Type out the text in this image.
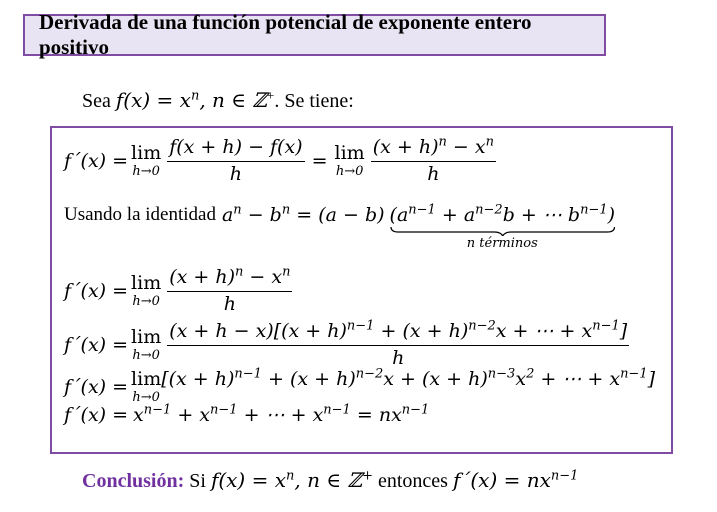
Derivada de una función potencial de exponente entero positivo
Sea $f(x) = x^n$, n ∈ ℤ+. Se tiene:
f´(x) = lim
$h\to 0 \frac{f(x + h) - f(x)}{h} = \lim$
$h\to 0 \frac{(x + h)^n - x^n}{h}$
Usando la identidad $a^n - b^n = (a - b) (a^{n-1} + a^{n-2}b$ + ⋯ $b^{n-1}$)
n términos
f´(x) = lim
$h\to 0 \frac{(x + h)^n - x^n}{h}$
f´(x) = lim
$h\to 0 \frac{(x + h - x)[(x + h)^{n-1} + (x + h)^{n-2}x + \cdots + x^{n-1}]}{h}$
f´(x) = lim
h→0
[$(x + h)^{n-1} + (x + h)^{n-2}x + (x + h)^{n-3}x^2$ + ⋯ + $x^{n-1}$]
f´(x) = $x^{n-1} + x^{n-1}$ + ⋯ + $x^{n-1} = nx^{n-1}$
Conclusión: Si $f(x) = x^n$, n ∈ ℤ+ entonces f´(x) = $nx^{n-1}$
